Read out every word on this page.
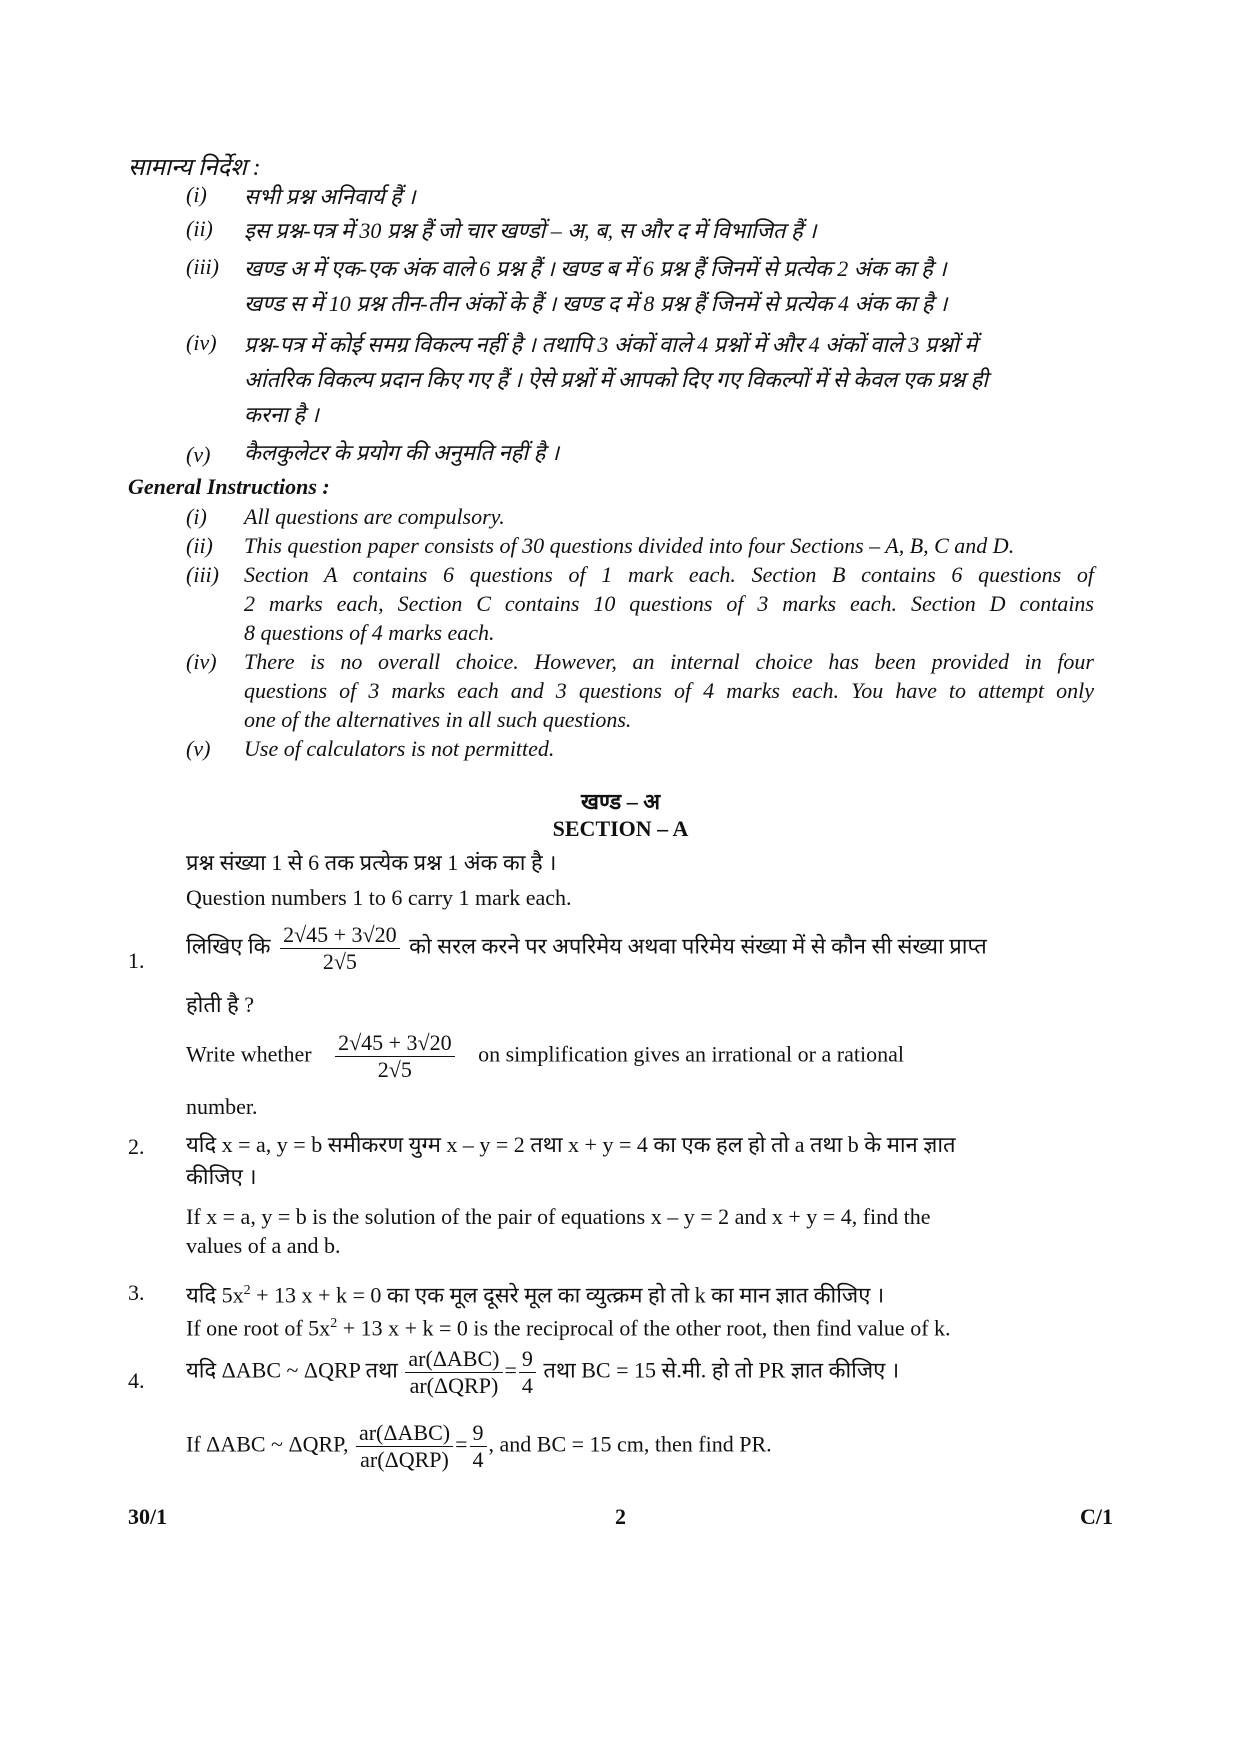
सामान्य निर्देश :
(i) सभी प्रश्न अनिवार्य हैं ।
(ii) इस प्रश्न-पत्र में 30 प्रश्न हैं जो चार खण्डों – अ, ब, स और द में विभाजित हैं ।
(iii) खण्ड अ में एक-एक अंक वाले 6 प्रश्न हैं । खण्ड ब में 6 प्रश्न हैं जिनमें से प्रत्येक 2 अंक का है ।
खण्ड स में 10 प्रश्न तीन-तीन अंकों के हैं । खण्ड द में 8 प्रश्न हैं जिनमें से प्रत्येक 4 अंक का है ।
(iv) प्रश्न-पत्र में कोई समग्र विकल्प नहीं है । तथापि 3 अंकों वाले 4 प्रश्नों में और 4 अंकों वाले 3 प्रश्नों में
आंतरिक विकल्प प्रदान किए गए हैं । ऐसे प्रश्नों में आपको दिए गए विकल्पों में से केवल एक प्रश्न ही
करना है ।
(v) कैलकुलेटर के प्रयोग की अनुमति नहीं है ।
General Instructions :
(i) All questions are compulsory.
(ii) This question paper consists of 30 questions divided into four Sections – A, B, C and D.
(iii) Section A contains 6 questions of 1 mark each. Section B contains 6 questions of
2 marks each, Section C contains 10 questions of 3 marks each. Section D contains
8 questions of 4 marks each.
(iv) There is no overall choice. However, an internal choice has been provided in four
questions of 3 marks each and 3 questions of 4 marks each. You have to attempt only
one of the alternatives in all such questions.
(v) Use of calculators is not permitted.
खण्ड – अ
SECTION – A
प्रश्न संख्या 1 से 6 तक प्रत्येक प्रश्न 1 अंक का है ।
Question numbers 1 to 6 carry 1 mark each.
1.
लिखिए कि $\frac{2√45 + 3√20}{2√5}$ को सरल करने पर अपरिमेय अथवा परिमेय संख्या में से कौन सी संख्या प्राप्त
होती है ?
Write whether $\frac{2√45 + 3√20}{2√5}$ on simplification gives an irrational or a rational
number.
2. यदि x = a, y = b समीकरण युग्म x – y = 2 तथा x + y = 4 का एक हल हो तो a तथा b के मान ज्ञात
कीजिए ।
If x = a, y = b is the solution of the pair of equations x – y = 2 and x + y = 4, find the
values of a and b.
3. यदि $5x^2 + 13$ x + k = 0 का एक मूल दूसरे मूल का व्युत्क्रम हो तो k का मान ज्ञात कीजिए ।
If one root of $5x^2 + 13$ x + k = 0 is the reciprocal of the other root, then find value of k.
4. यदि ΔABC ~ ΔQRP तथा $\frac{\text{ar(ΔABC)}}{\text{ar(ΔQRP)}} = \frac{9}{4}$ तथा BC = 15 से.मी. हो तो PR ज्ञात कीजिए ।
If ΔABC ~ ΔQRP, $\frac{\text{ar(ΔABC)}}{\text{ar(ΔQRP)}} = \frac{9}{4}$ , and BC = 15 cm, then find PR.
30/1	2	C/1
